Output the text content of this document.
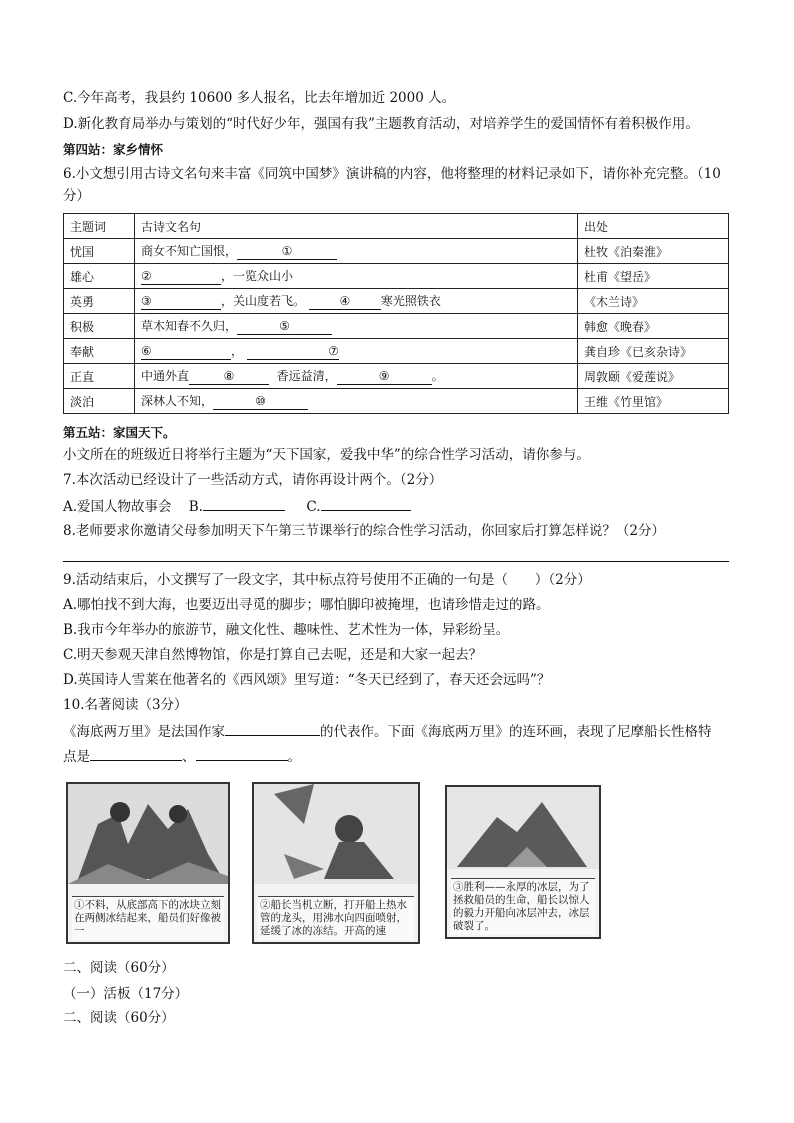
C.今年高考，我县约 10600 多人报名，比去年增加近 2000 人。
D.新化教育局举办与策划的“时代好少年，强国有我”主题教育活动，对培养学生的爱国情怀有着积极作用。
第四站：家乡情怀
6.小文想引用古诗文名句来丰富《同筑中国梦》演讲稿的内容，他将整理的材料记录如下，请你补充完整。（10
分）
主题词	古诗文名句	出处
忧国	商女不知亡国恨， ①	杜牧《泊秦淮》
雄心	② ，一览众山小	杜甫《望岳》
英勇	③ ，关山度若飞。 ④ 寒光照铁衣	《木兰诗》
积极	草木知春不久归， ⑤	韩愈《晚春》
奉献	⑥ ， ⑦	龚自珍《已亥杂诗》
正直	中通外直 ⑧ 香远益清， ⑨ 。	周敦颐《爱莲说》
淡泊	深林人不知， ⑩	王维《竹里馆》
第五站：家国天下。
小文所在的班级近日将举行主题为“天下国家，爱我中华”的综合性学习活动，请你参与。
7.本次活动已经设计了一些活动方式，请你再设计两个。（2分）
A.爱国人物故事会 B.	C.
8.老师要求你邀请父母参加明天下午第三节课举行的综合性学习活动，你回家后打算怎样说？（2分）
9.活动结束后，小文撰写了一段文字，其中标点符号使用不正确的一句是（　　）（2分）
A.哪怕找不到大海，也要迈出寻觅的脚步；哪怕脚印被掩埋，也请珍惜走过的路。
B.我市今年举办的旅游节，融文化性、趣味性、艺术性为一体，异彩纷呈。
C.明天参观天津自然博物馆，你是打算自己去呢，还是和大家一起去？
D.英国诗人雪莱在他著名的《西风颂》里写道：“冬天已经到了，春天还会远吗”？
10.名著阅读（3分）
《海底两万里》是法国作家	的代表作。下面《海底两万里》的连环画，表现了尼摩船长性格特
点是	、	。
①不料，从底部高下的冰块立刻在两侧冰结起来，船员们好像被一
②船长当机立断，打开船上热水管的龙头，用沸水向四面喷射，延缓了冰的冻结。开高的速
③胜利——永厚的冰层，为了拯救船员的生命，船长以惊人的毅力开船向冰层冲去，冰层破裂了。
二、阅读（60分）
（一）活板（17分）
二、阅读（60分）
